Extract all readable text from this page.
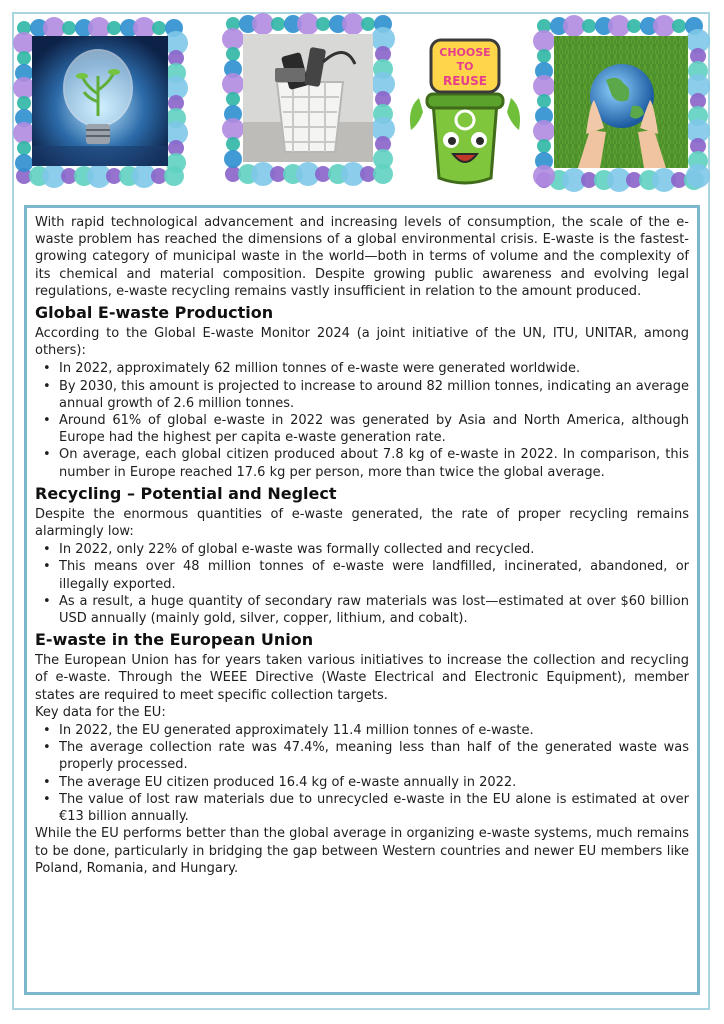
CHOOSE
TO
REUSE

With rapid technological advancement and increasing levels of consumption, the scale of the e-waste problem has reached the dimensions of a global environmental crisis. E-waste is the fastest-growing category of municipal waste in the world—both in terms of volume and the complexity of its chemical and material composition. Despite growing public awareness and evolving legal regulations, e-waste recycling remains vastly insufficient in relation to the amount produced.

Global E-waste Production

According to the Global E-waste Monitor 2024 (a joint initiative of the UN, ITU, UNITAR, among others):

• In 2022, approximately 62 million tonnes of e-waste were generated worldwide.
• By 2030, this amount is projected to increase to around 82 million tonnes, indicating an average annual growth of 2.6 million tonnes.
• Around 61% of global e-waste in 2022 was generated by Asia and North America, although Europe had the highest per capita e-waste generation rate.
• On average, each global citizen produced about 7.8 kg of e-waste in 2022. In comparison, this number in Europe reached 17.6 kg per person, more than twice the global average.
Recycling – Potential and Neglect

Despite the enormous quantities of e-waste generated, the rate of proper recycling remains alarmingly low:

• In 2022, only 22% of global e-waste was formally collected and recycled.
• This means over 48 million tonnes of e-waste were landfilled, incinerated, abandoned, or illegally exported.
• As a result, a huge quantity of secondary raw materials was lost—estimated at over $60 billion USD annually (mainly gold, silver, copper, lithium, and cobalt).
E-waste in the European Union

The European Union has for years taken various initiatives to increase the collection and recycling of e-waste. Through the WEEE Directive (Waste Electrical and Electronic Equipment), member states are required to meet specific collection targets.

Key data for the EU:

• In 2022, the EU generated approximately 11.4 million tonnes of e-waste.
• The average collection rate was 47.4%, meaning less than half of the generated waste was properly processed.
• The average EU citizen produced 16.4 kg of e-waste annually in 2022.
• The value of lost raw materials due to unrecycled e-waste in the EU alone is estimated at over €13 billion annually.

While the EU performs better than the global average in organizing e-waste systems, much remains to be done, particularly in bridging the gap between Western countries and newer EU members like Poland, Romania, and Hungary.
